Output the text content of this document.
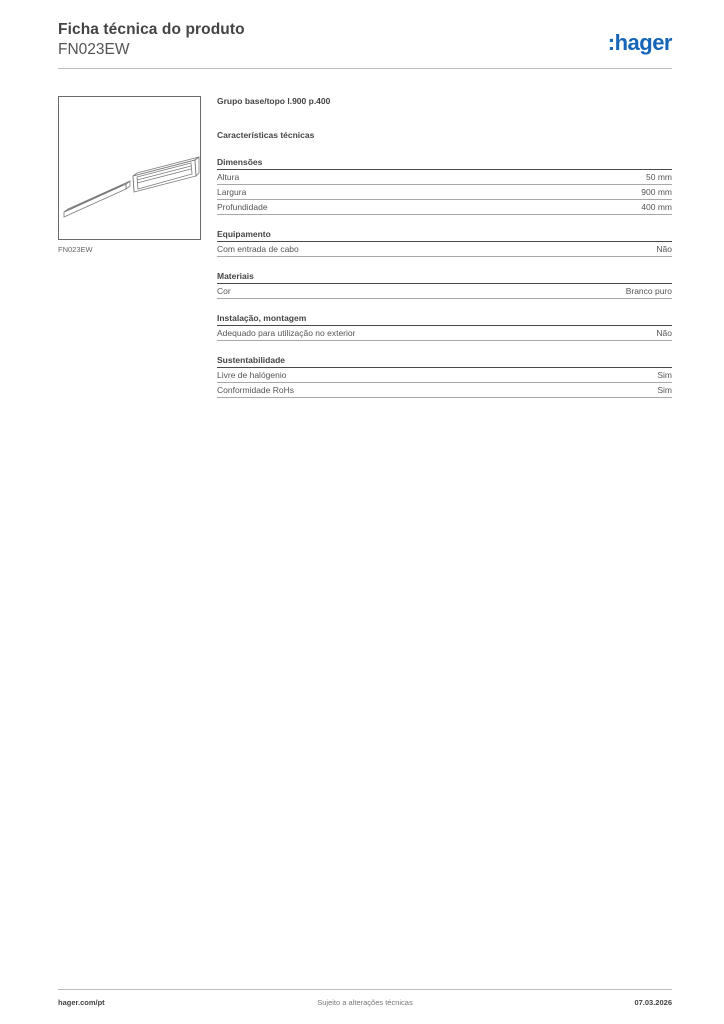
Ficha técnica do produto
FN023EW	:hager
FN023EW
Grupo base/topo l.900 p.400
Características técnicas
Dimensões
Altura	50 mm
Largura	900 mm
Profundidade	400 mm
Equipamento
Com entrada de cabo	Não
Materiais
Cor	Branco puro
Instalação, montagem
Adequado para utilização no exterior	Não
Sustentabilidade
Livre de halógenio	Sim
Conformidade RoHs	Sim
hager.com/pt	Sujeito a alterações técnicas	07.03.2026
